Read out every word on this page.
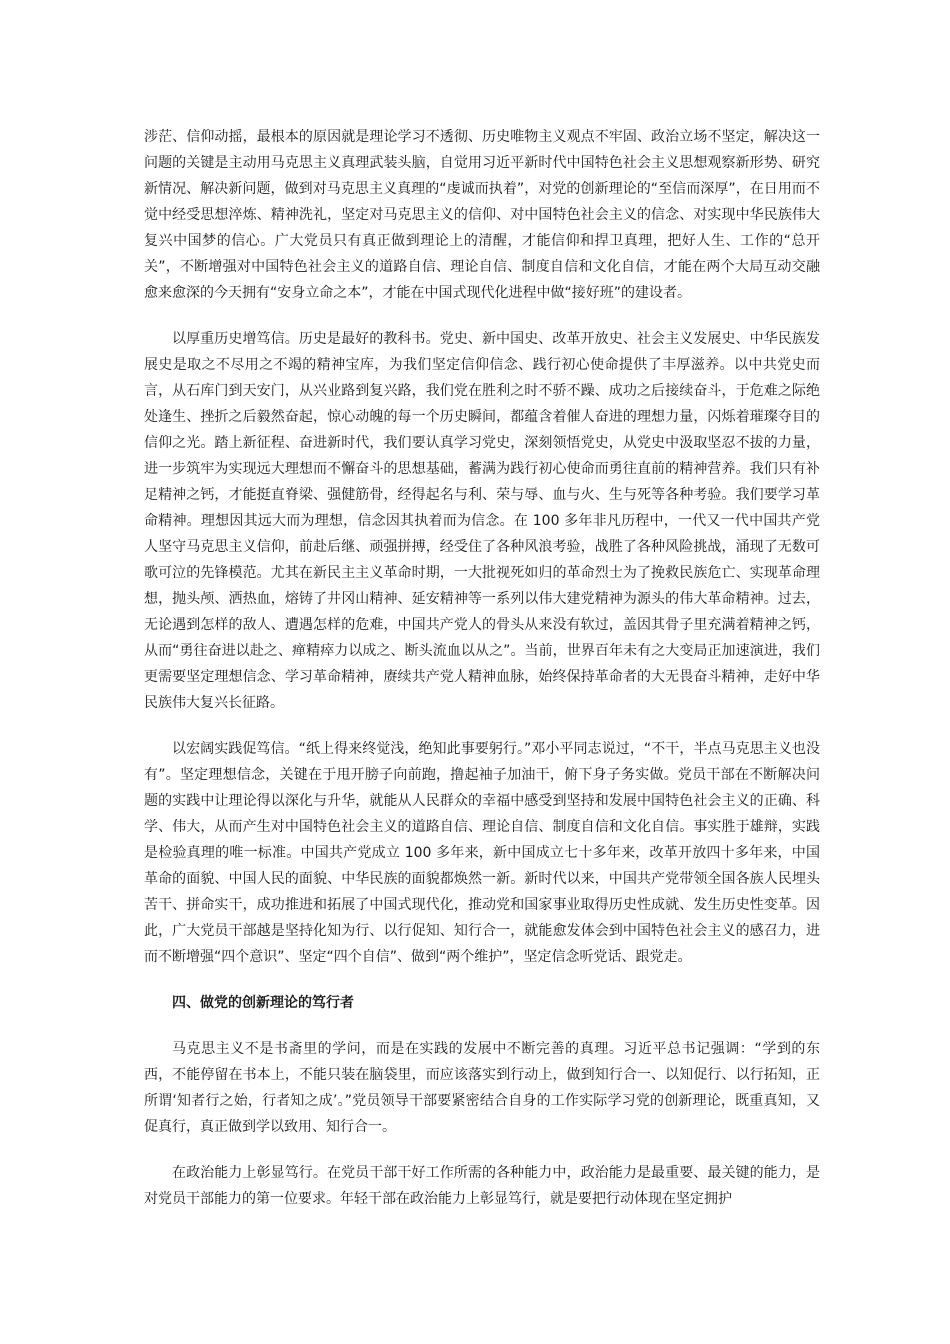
涉茫、信仰动摇，最根本的原因就是理论学习不透彻、历史唯物主义观点不牢固、政治立场不坚定，解决这一问题的关键是主动用马克思主义真理武装头脑，自觉用习近平新时代中国特色社会主义思想观察新形势、研究新情况、解决新问题，做到对马克思主义真理的“虔诚而执着”，对党的创新理论的“至信而深厚”，在日用而不觉中经受思想淬炼、精神洗礼，坚定对马克思主义的信仰、对中国特色社会主义的信念、对实现中华民族伟大复兴中国梦的信心。广大党员只有真正做到理论上的清醒，才能信仰和捍卫真理，把好人生、工作的“总开关”，不断增强对中国特色社会主义的道路自信、理论自信、制度自信和文化自信，才能在两个大局互动交融愈来愈深的今天拥有“安身立命之本”，才能在中国式现代化进程中做“接好班”的建设者。

以厚重历史增笃信。历史是最好的教科书。党史、新中国史、改革开放史、社会主义发展史、中华民族发展史是取之不尽用之不竭的精神宝库，为我们坚定信仰信念、践行初心使命提供了丰厚滋养。以中共党史而言，从石库门到天安门，从兴业路到复兴路，我们党在胜利之时不骄不躁、成功之后接续奋斗，于危难之际绝处逢生、挫折之后毅然奋起，惊心动魄的每一个历史瞬间，都蕴含着催人奋进的理想力量，闪烁着璀璨夺目的信仰之光。踏上新征程、奋进新时代，我们要认真学习党史，深刻领悟党史，从党史中汲取坚忍不拔的力量，进一步筑牢为实现远大理想而不懈奋斗的思想基础，蓄满为践行初心使命而勇往直前的精神营养。我们只有补足精神之钙，才能挺直脊梁、强健筋骨，经得起名与利、荣与辱、血与火、生与死等各种考验。我们要学习革命精神。理想因其远大而为理想，信念因其执着而为信念。在 100 多年非凡历程中，一代又一代中国共产党人坚守马克思主义信仰，前赴后继、顽强拼搏，经受住了各种风浪考验，战胜了各种风险挑战，涌现了无数可歌可泣的先锋模范。尤其在新民主主义革命时期，一大批视死如归的革命烈士为了挽救民族危亡、实现革命理想，抛头颅、洒热血，熔铸了井冈山精神、延安精神等一系列以伟大建党精神为源头的伟大革命精神。过去，无论遇到怎样的敌人、遭遇怎样的危难，中国共产党人的骨头从来没有软过，盖因其骨子里充满着精神之钙，从而“勇往奋进以赴之、瘅精瘁力以成之、断头流血以从之”。当前，世界百年未有之大变局正加速演进，我们更需要坚定理想信念、学习革命精神，赓续共产党人精神血脉，始终保持革命者的大无畏奋斗精神，走好中华民族伟大复兴长征路。

以宏阔实践促笃信。“纸上得来终觉浅，绝知此事要躬行。”邓小平同志说过，“不干，半点马克思主义也没有”。坚定理想信念，关键在于甩开膀子向前跑，撸起袖子加油干，俯下身子务实做。党员干部在不断解决问题的实践中让理论得以深化与升华，就能从人民群众的幸福中感受到坚持和发展中国特色社会主义的正确、科学、伟大，从而产生对中国特色社会主义的道路自信、理论自信、制度自信和文化自信。事实胜于雄辩，实践是检验真理的唯一标准。中国共产党成立 100 多年来，新中国成立七十多年来，改革开放四十多年来，中国革命的面貌、中国人民的面貌、中华民族的面貌都焕然一新。新时代以来，中国共产党带领全国各族人民埋头苦干、拼命实干，成功推进和拓展了中国式现代化，推动党和国家事业取得历史性成就、发生历史性变革。因此，广大党员干部越是坚持化知为行、以行促知、知行合一，就能愈发体会到中国特色社会主义的感召力，进而不断增强“四个意识”、坚定“四个自信”、做到“两个维护”，坚定信念听党话、跟党走。

四、做党的创新理论的笃行者

马克思主义不是书斋里的学问，而是在实践的发展中不断完善的真理。习近平总书记强调：“学到的东西，不能停留在书本上，不能只装在脑袋里，而应该落实到行动上，做到知行合一、以知促行、以行拓知，正所谓‘知者行之始，行者知之成’。”党员领导干部要紧密结合自身的工作实际学习党的创新理论，既重真知，又促真行，真正做到学以致用、知行合一。

在政治能力上彰显笃行。在党员干部干好工作所需的各种能力中，政治能力是最重要、最关键的能力，是对党员干部能力的第一位要求。年轻干部在政治能力上彰显笃行，就是要把行动体现在坚定拥护
